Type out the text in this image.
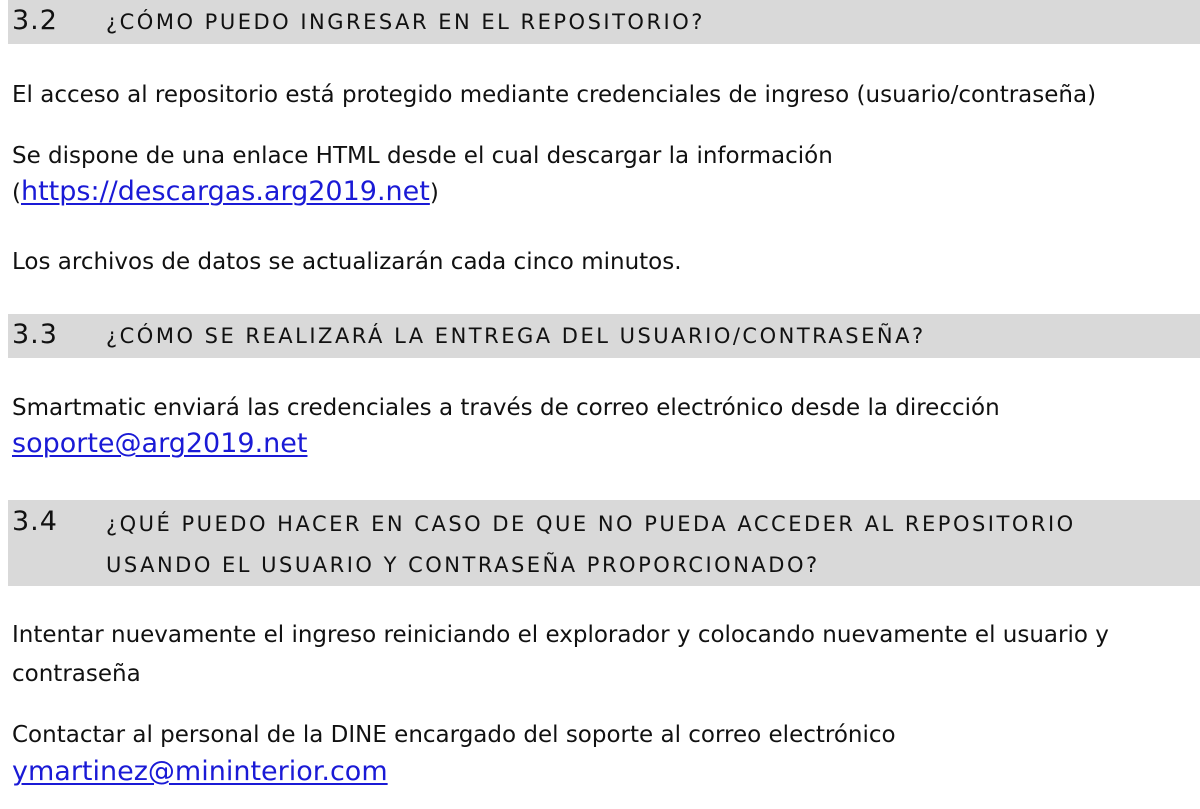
3.2 ¿CÓMO PUEDO INGRESAR EN EL REPOSITORIO?
El acceso al repositorio está protegido mediante credenciales de ingreso (usuario/contraseña)
Se dispone de una enlace HTML desde el cual descargar la información
(https://descargas.arg2019.net)
Los archivos de datos se actualizarán cada cinco minutos.
3.3 ¿CÓMO SE REALIZARÁ LA ENTREGA DEL USUARIO/CONTRASEÑA?
Smartmatic enviará las credenciales a través de correo electrónico desde la dirección
soporte@arg2019.net
3.4 ¿QUÉ PUEDO HACER EN CASO DE QUE NO PUEDA ACCEDER AL REPOSITORIO
USANDO EL USUARIO Y CONTRASEÑA PROPORCIONADO?
Intentar nuevamente el ingreso reiniciando el explorador y colocando nuevamente el usuario y
contraseña
Contactar al personal de la DINE encargado del soporte al correo electrónico
ymartinez@mininterior.com
